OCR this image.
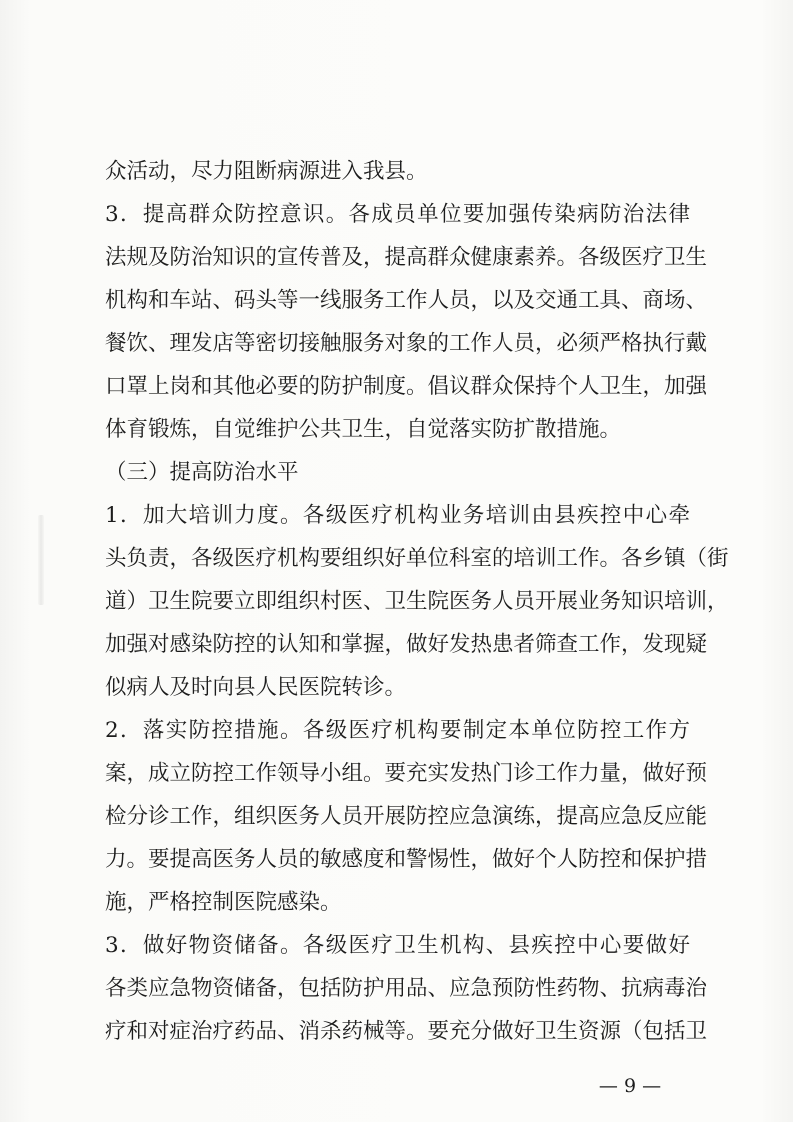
众活动，尽力阻断病源进入我县。
3．提高群众防控意识。各成员单位要加强传染病防治法律
法规及防治知识的宣传普及，提高群众健康素养。各级医疗卫生
机构和车站、码头等一线服务工作人员，以及交通工具、商场、
餐饮、理发店等密切接触服务对象的工作人员，必须严格执行戴
口罩上岗和其他必要的防护制度。倡议群众保持个人卫生，加强
体育锻炼，自觉维护公共卫生，自觉落实防扩散措施。
（三）提高防治水平
1．加大培训力度。各级医疗机构业务培训由县疾控中心牵
头负责，各级医疗机构要组织好单位科室的培训工作。各乡镇（街
道）卫生院要立即组织村医、卫生院医务人员开展业务知识培训，
加强对感染防控的认知和掌握，做好发热患者筛查工作，发现疑
似病人及时向县人民医院转诊。
2．落实防控措施。各级医疗机构要制定本单位防控工作方
案，成立防控工作领导小组。要充实发热门诊工作力量，做好预
检分诊工作，组织医务人员开展防控应急演练，提高应急反应能
力。要提高医务人员的敏感度和警惕性，做好个人防控和保护措
施，严格控制医院感染。
3．做好物资储备。各级医疗卫生机构、县疾控中心要做好
各类应急物资储备，包括防护用品、应急预防性药物、抗病毒治
疗和对症治疗药品、消杀药械等。要充分做好卫生资源（包括卫
— 9 —
